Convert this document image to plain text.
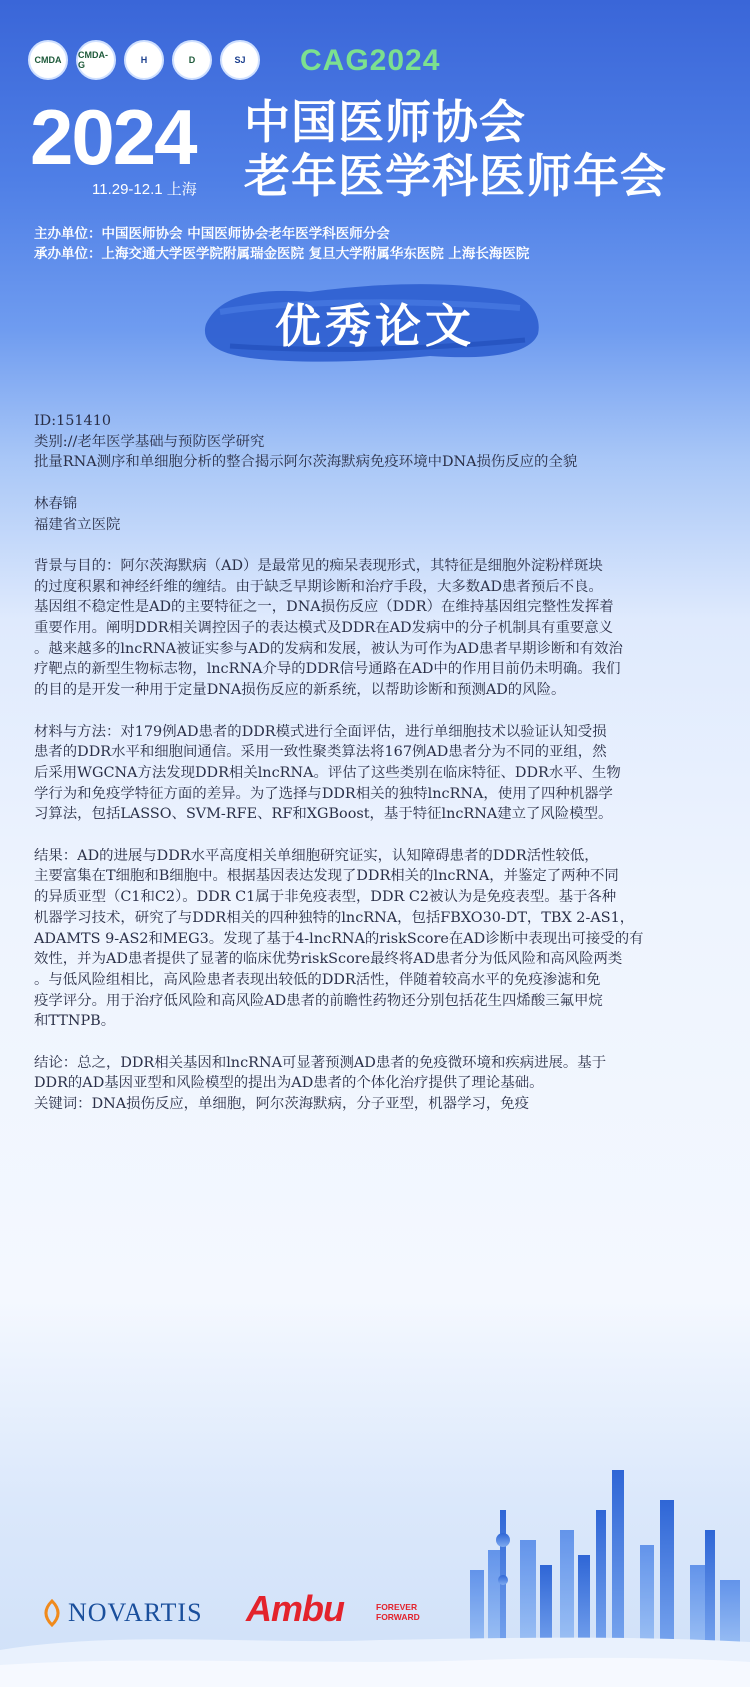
CMDA	CMDA-G	H	D	SJ	CAG2024
2024
11.29-12.1 上海
中国医师协会
老年医学科医师年会
主办单位：中国医师协会 中国医师协会老年医学科医师分会
承办单位：上海交通大学医学院附属瑞金医院 复旦大学附属华东医院 上海长海医院
优秀论文

ID:151410

类别://老年医学基础与预防医学研究

批量RNA测序和单细胞分析的整合揭示阿尔茨海默病免疫环境中DNA损伤反应的全貌

林春锦

福建省立医院

背景与目的：阿尔茨海默病（AD）是最常见的痴呆表现形式，其特征是细胞外淀粉样斑块

的过度积累和神经纤维的缠结。由于缺乏早期诊断和治疗手段，大多数AD患者预后不良。

基因组不稳定性是AD的主要特征之一，DNA损伤反应（DDR）在维持基因组完整性发挥着

重要作用。阐明DDR相关调控因子的表达模式及DDR在AD发病中的分子机制具有重要意义

。越来越多的lncRNA被证实参与AD的发病和发展，被认为可作为AD患者早期诊断和有效治

疗靶点的新型生物标志物，lncRNA介导的DDR信号通路在AD中的作用目前仍未明确。我们

的目的是开发一种用于定量DNA损伤反应的新系统，以帮助诊断和预测AD的风险。

材料与方法：对179例AD患者的DDR模式进行全面评估，进行单细胞技术以验证认知受损

患者的DDR水平和细胞间通信。采用一致性聚类算法将167例AD患者分为不同的亚组，然

后采用WGCNA方法发现DDR相关lncRNA。评估了这些类别在临床特征、DDR水平、生物

学行为和免疫学特征方面的差异。为了选择与DDR相关的独特lncRNA，使用了四种机器学

习算法，包括LASSO、SVM-RFE、RF和XGBoost，基于特征lncRNA建立了风险模型。

结果：AD的进展与DDR水平高度相关单细胞研究证实，认知障碍患者的DDR活性较低，

主要富集在T细胞和B细胞中。根据基因表达发现了DDR相关的lncRNA，并鉴定了两种不同

的异质亚型（C1和C2）。DDR C1属于非免疫表型，DDR C2被认为是免疫表型。基于各种

机器学习技术，研究了与DDR相关的四种独特的lncRNA，包括FBXO30-DT，TBX 2-AS1，

ADAMTS 9-AS2和MEG3。发现了基于4-lncRNA的riskScore在AD诊断中表现出可接受的有

效性，并为AD患者提供了显著的临床优势riskScore最终将AD患者分为低风险和高风险两类

。与低风险组相比，高风险患者表现出较低的DDR活性，伴随着较高水平的免疫渗滤和免

疫学评分。用于治疗低风险和高风险AD患者的前瞻性药物还分别包括花生四烯酸三氟甲烷

和TTNPB。

结论：总之，DDR相关基因和lncRNA可显著预测AD患者的免疫微环境和疾病进展。基于

DDR的AD基因亚型和风险模型的提出为AD患者的个体化治疗提供了理论基础。

关键词：DNA损伤反应，单细胞，阿尔茨海默病，分子亚型，机器学习，免疫

NOVARTIS Ambu	FOREVER
FORWARD
